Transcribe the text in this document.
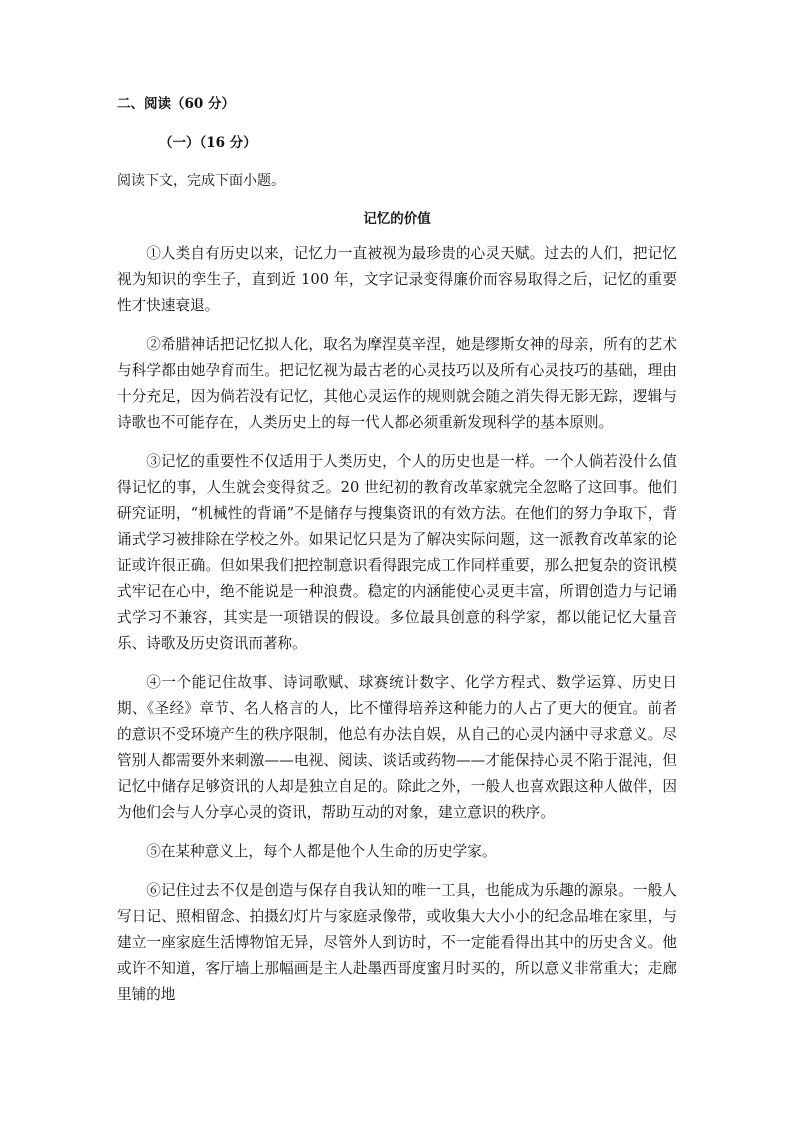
二、阅读（60 分）
（一）（16 分）
阅读下文，完成下面小题。
记忆的价值

①人类自有历史以来，记忆力一直被视为最珍贵的心灵天赋。过去的人们，把记忆视为知识的孪生子，直到近 100 年，文字记录变得廉价而容易取得之后，记忆的重要性才快速衰退。

②希腊神话把记忆拟人化，取名为摩涅莫辛涅，她是缪斯女神的母亲，所有的艺术与科学都由她孕育而生。把记忆视为最古老的心灵技巧以及所有心灵技巧的基础，理由十分充足，因为倘若没有记忆，其他心灵运作的规则就会随之消失得无影无踪，逻辑与诗歌也不可能存在，人类历史上的每一代人都必须重新发现科学的基本原则。

③记忆的重要性不仅适用于人类历史，个人的历史也是一样。一个人倘若没什么值得记忆的事，人生就会变得贫乏。20 世纪初的教育改革家就完全忽略了这回事。他们研究证明，“机械性的背诵”不是储存与搜集资讯的有效方法。在他们的努力争取下，背诵式学习被排除在学校之外。如果记忆只是为了解决实际问题，这一派教育改革家的论证或许很正确。但如果我们把控制意识看得跟完成工作同样重要，那么把复杂的资讯模式牢记在心中，绝不能说是一种浪费。稳定的内涵能使心灵更丰富，所谓创造力与记诵式学习不兼容，其实是一项错误的假设。多位最具创意的科学家，都以能记忆大量音乐、诗歌及历史资讯而著称。

④一个能记住故事、诗词歌赋、球赛统计数字、化学方程式、数学运算、历史日期、《圣经》章节、名人格言的人，比不懂得培养这种能力的人占了更大的便宜。前者的意识不受环境产生的秩序限制，他总有办法自娱，从自己的心灵内涵中寻求意义。尽管别人都需要外来刺激——电视、阅读、谈话或药物——才能保持心灵不陷于混沌，但记忆中储存足够资讯的人却是独立自足的。除此之外，一般人也喜欢跟这种人做伴，因为他们会与人分享心灵的资讯，帮助互动的对象，建立意识的秩序。

⑤在某种意义上，每个人都是他个人生命的历史学家。

⑥记住过去不仅是创造与保存自我认知的唯一工具，也能成为乐趣的源泉。一般人写日记、照相留念、拍摄幻灯片与家庭录像带，或收集大大小小的纪念品堆在家里，与建立一座家庭生活博物馆无异，尽管外人到访时，不一定能看得出其中的历史含义。他或许不知道，客厅墙上那幅画是主人赴墨西哥度蜜月时买的，所以意义非常重大；走廊里铺的地
